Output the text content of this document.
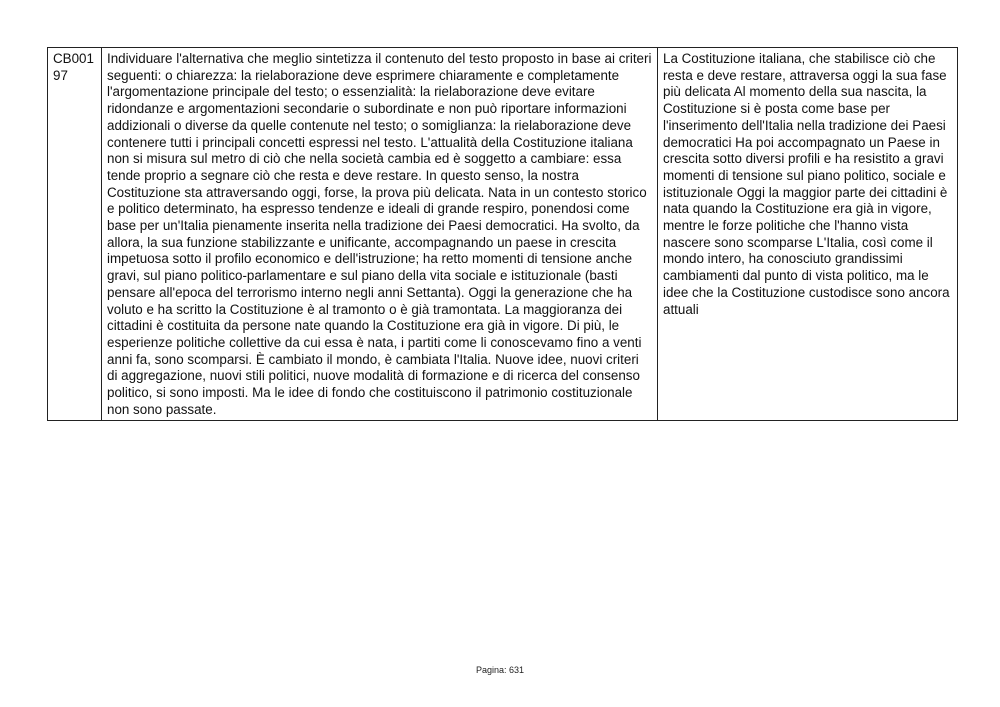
CB00197	Individuare l'alternativa che meglio sintetizza il contenuto del testo proposto in base ai criteri seguenti: o chiarezza: la rielaborazione deve esprimere chiaramente e completamente l'argomentazione principale del testo; o essenzialità: la rielaborazione deve evitare ridondanze e argomentazioni secondarie o subordinate e non può riportare informazioni addizionali o diverse da quelle contenute nel testo; o somiglianza: la rielaborazione deve contenere tutti i principali concetti espressi nel testo. L'attualità della Costituzione italiana non si misura sul metro di ciò che nella società cambia ed è soggetto a cambiare: essa tende proprio a segnare ciò che resta e deve restare. In questo senso, la nostra Costituzione sta attraversando oggi, forse, la prova più delicata. Nata in un contesto storico e politico determinato, ha espresso tendenze e ideali di grande respiro, ponendosi come base per un'Italia pienamente inserita nella tradizione dei Paesi democratici. Ha svolto, da allora, la sua funzione stabilizzante e unificante, accompagnando un paese in crescita impetuosa sotto il profilo economico e dell'istruzione; ha retto momenti di tensione anche gravi, sul piano politico-parlamentare e sul piano della vita sociale e istituzionale (basti pensare all'epoca del terrorismo interno negli anni Settanta). Oggi la generazione che ha voluto e ha scritto la Costituzione è al tramonto o è già tramontata. La maggioranza dei cittadini è costituita da persone nate quando la Costituzione era già in vigore. Di più, le esperienze politiche collettive da cui essa è nata, i partiti come li conoscevamo fino a venti anni fa, sono scomparsi. È cambiato il mondo, è cambiata l'Italia. Nuove idee, nuovi criteri di aggregazione, nuovi stili politici, nuove modalità di formazione e di ricerca del consenso politico, si sono imposti. Ma le idee di fondo che costituiscono il patrimonio costituzionale non sono passate.	La Costituzione italiana, che stabilisce ciò che resta e deve restare, attraversa oggi la sua fase più delicata Al momento della sua nascita, la Costituzione si è posta come base per l'inserimento dell'Italia nella tradizione dei Paesi democratici Ha poi accompagnato un Paese in crescita sotto diversi profili e ha resistito a gravi momenti di tensione sul piano politico, sociale e istituzionale Oggi la maggior parte dei cittadini è nata quando la Costituzione era già in vigore, mentre le forze politiche che l'hanno vista nascere sono scomparse L'Italia, così come il mondo intero, ha conosciuto grandissimi cambiamenti dal punto di vista politico, ma le idee che la Costituzione custodisce sono ancora attuali
Pagina: 631
